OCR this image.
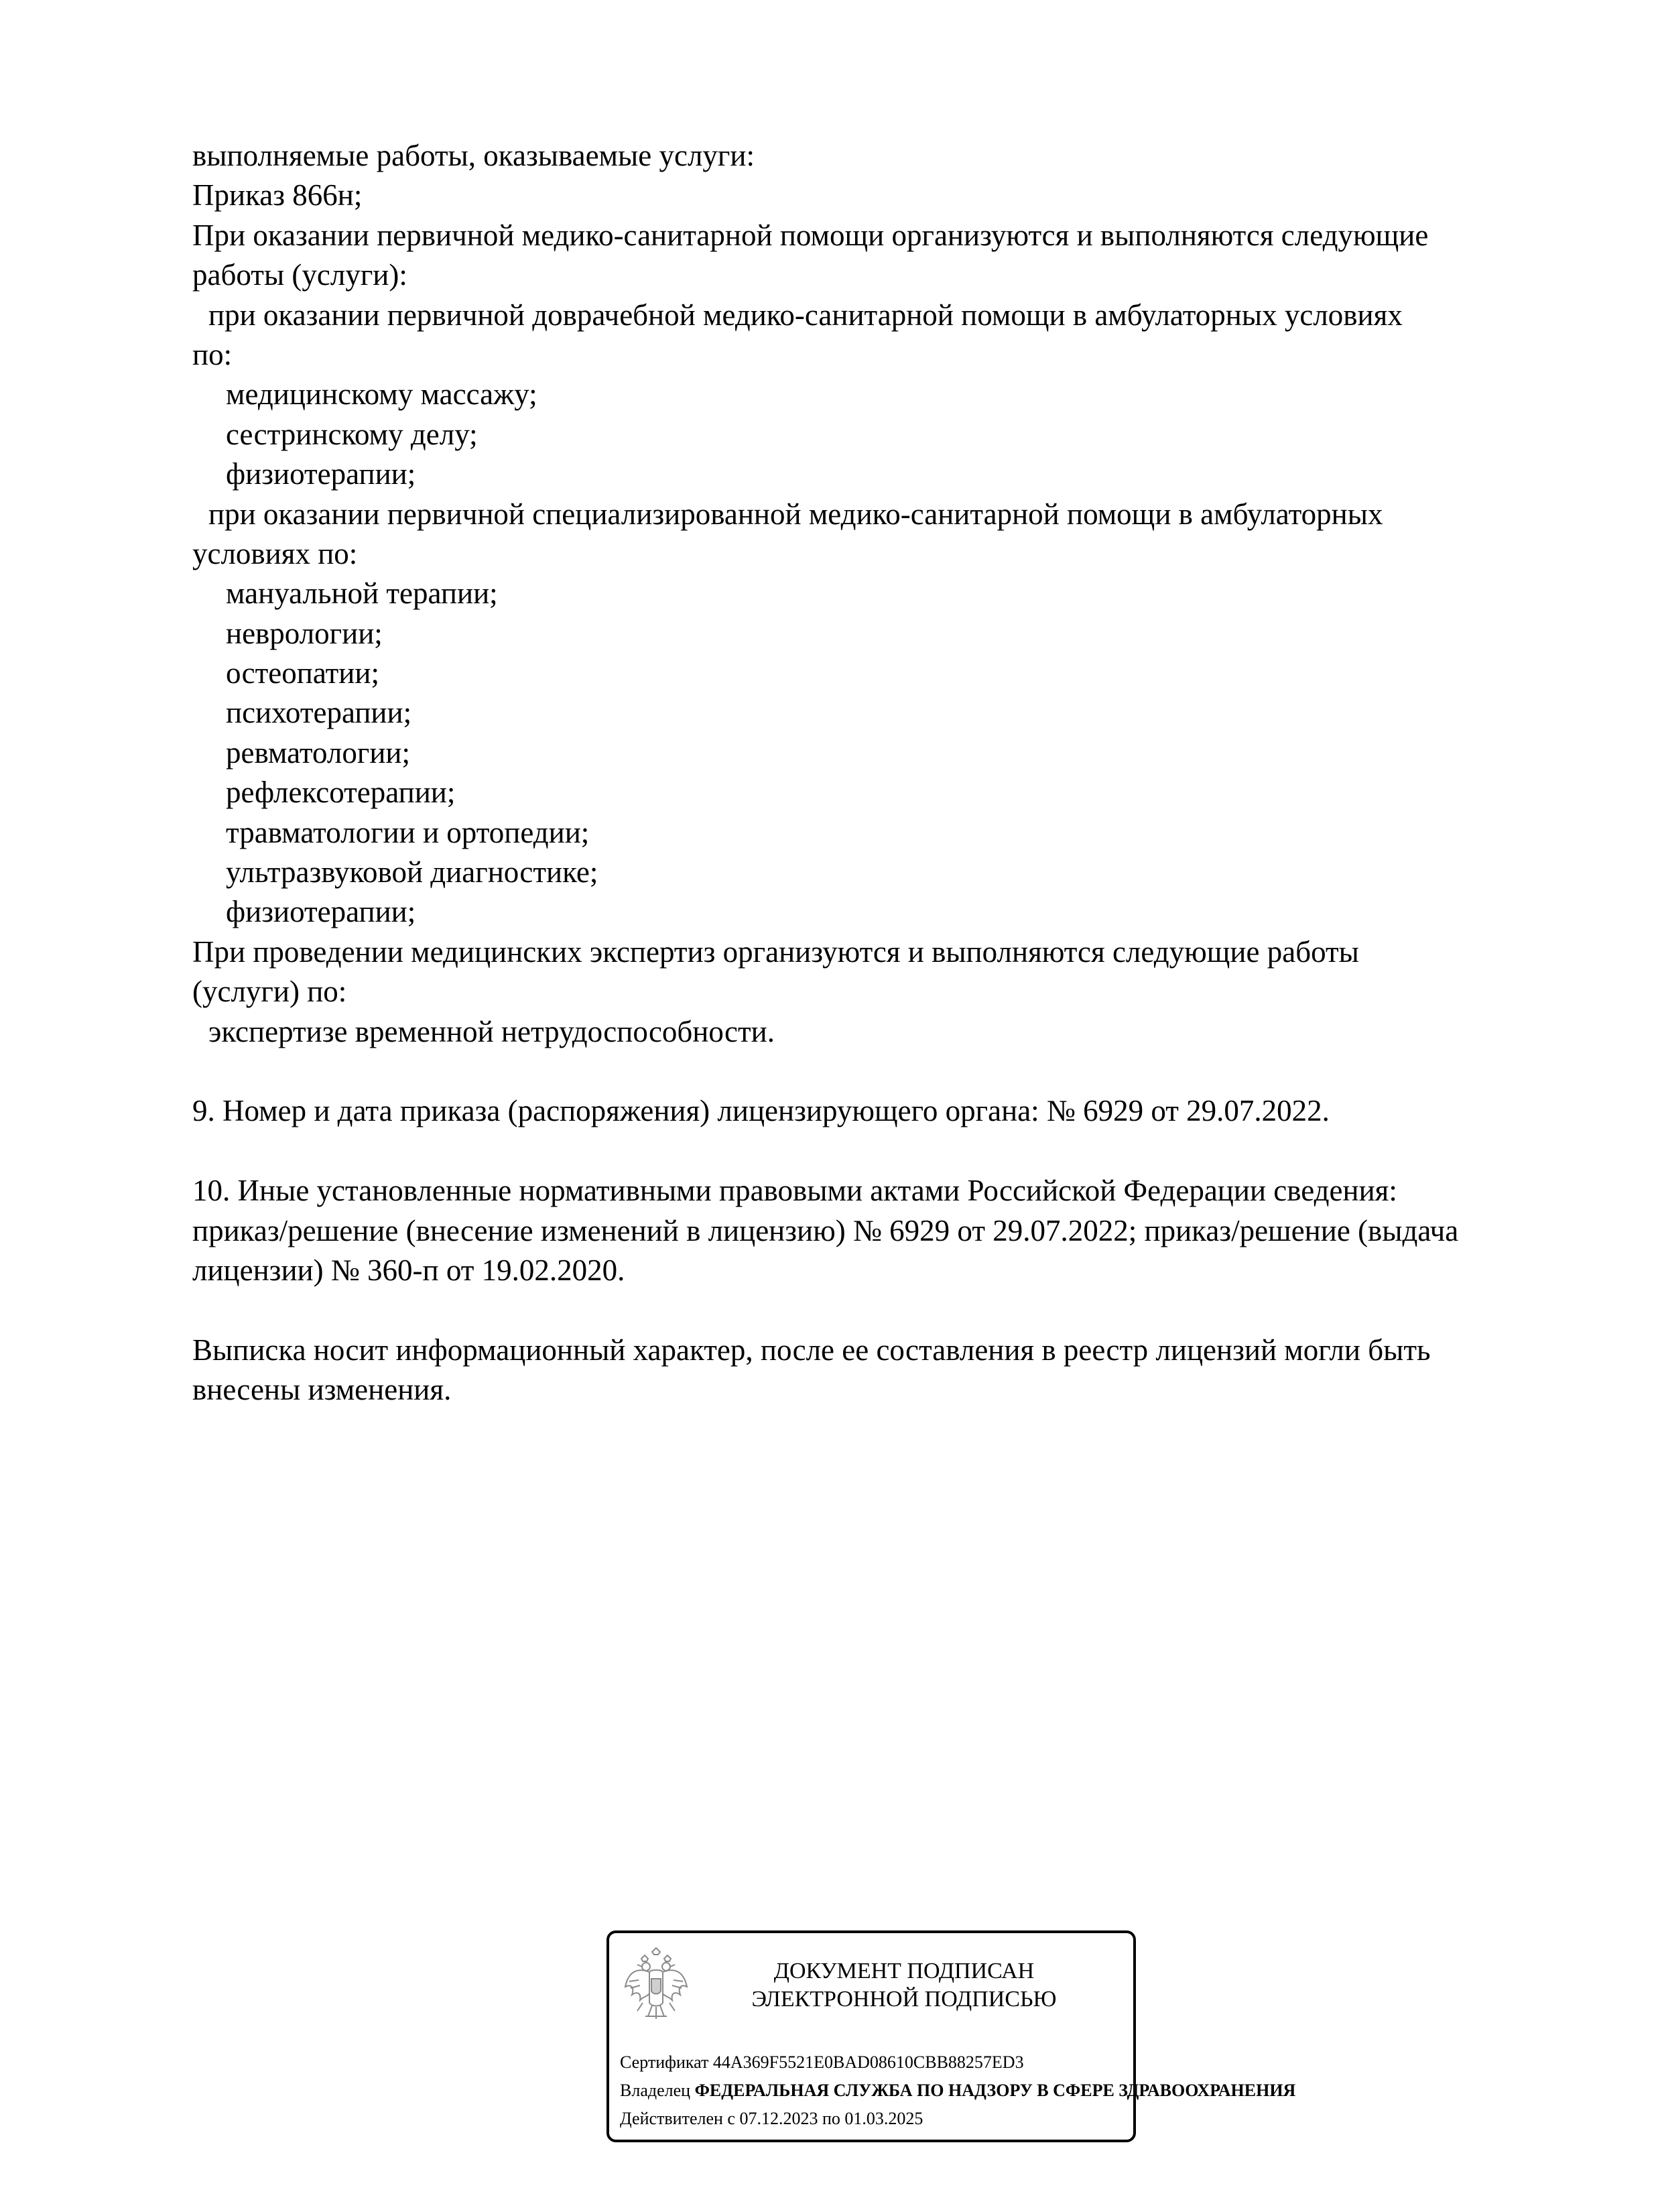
выполняемые работы, оказываемые услуги:
Приказ 866н;
При оказании первичной медико-санитарной помощи организуются и выполняются следующие
работы (услуги):
при оказании первичной доврачебной медико-санитарной помощи в амбулаторных условиях
по:
медицинскому массажу;
сестринскому делу;
физиотерапии;
при оказании первичной специализированной медико-санитарной помощи в амбулаторных
условиях по:
мануальной терапии;
неврологии;
остеопатии;
психотерапии;
ревматологии;
рефлексотерапии;
травматологии и ортопедии;
ультразвуковой диагностике;
физиотерапии;
При проведении медицинских экспертиз организуются и выполняются следующие работы
(услуги) по:
экспертизе временной нетрудоспособности.
9. Номер и дата приказа (распоряжения) лицензирующего органа: № 6929 от 29.07.2022.
10. Иные установленные нормативными правовыми актами Российской Федерации сведения:
приказ/решение (внесение изменений в лицензию) № 6929 от 29.07.2022; приказ/решение (выдача
лицензии) № 360-п от 19.02.2020.
Выписка носит информационный характер, после ее составления в реестр лицензий могли быть
внесены изменения.
ДОКУМЕНТ ПОДПИСАН
ЭЛЕКТРОННОЙ ПОДПИСЬЮ
Сертификат 44A369F5521E0BAD08610CBB88257ED3
Владелец ФЕДЕРАЛЬНАЯ СЛУЖБА ПО НАДЗОРУ В СФЕРЕ ЗДРАВООХРАНЕНИЯ
Действителен с 07.12.2023 по 01.03.2025
